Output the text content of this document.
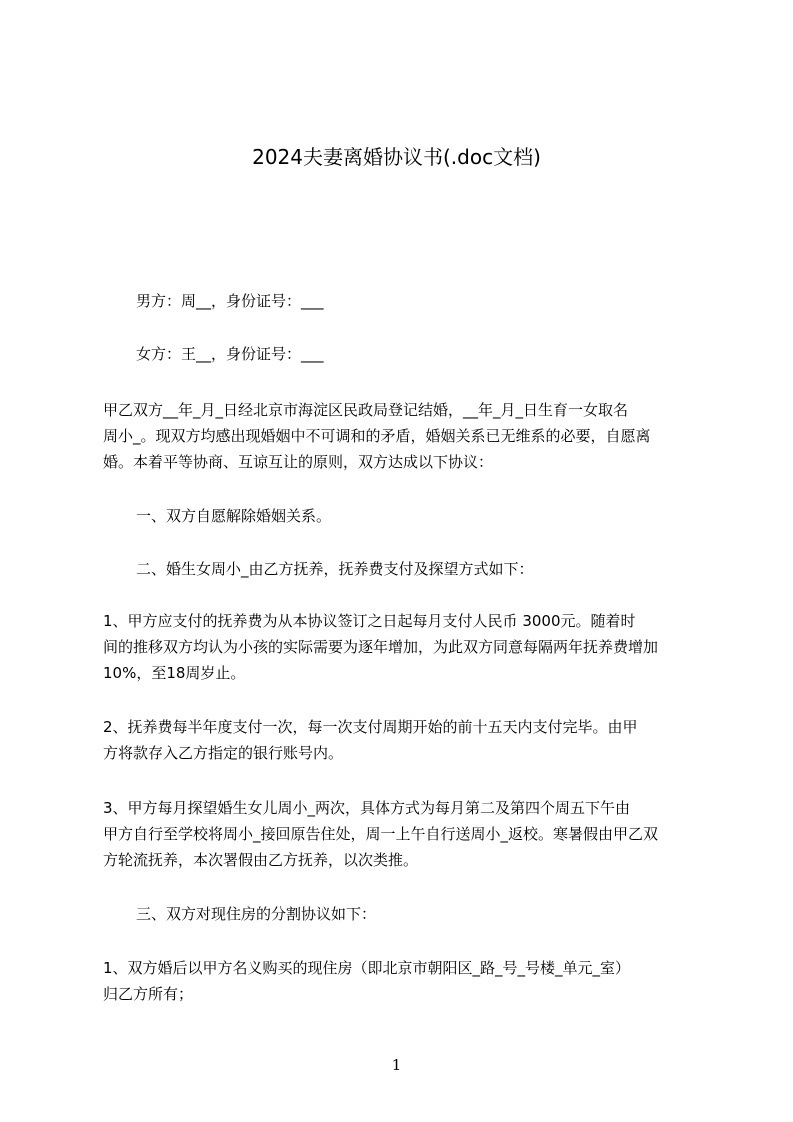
2024夫妻离婚协议书(.doc文档)

男方：周__，身份证号：___

女方：王__，身份证号：___

甲乙双方__年_月_日经北京市海淀区民政局登记结婚，__年_月_日生育一女取名

周小_。现双方均感出现婚姻中不可调和的矛盾，婚姻关系已无维系的必要，自愿离

婚。本着平等协商、互谅互让的原则，双方达成以下协议：

一、双方自愿解除婚姻关系。

二、婚生女周小_由乙方抚养，抚养费支付及探望方式如下：

1、甲方应支付的抚养费为从本协议签订之日起每月支付人民币 3000元。随着时

间的推移双方均认为小孩的实际需要为逐年增加，为此双方同意每隔两年抚养费增加

10%，至18周岁止。

2、抚养费每半年度支付一次，每一次支付周期开始的前十五天内支付完毕。由甲

方将款存入乙方指定的银行账号内。

3、甲方每月探望婚生女儿周小_两次，具体方式为每月第二及第四个周五下午由

甲方自行至学校将周小_接回原告住处，周一上午自行送周小_返校。寒暑假由甲乙双

方轮流抚养，本次署假由乙方抚养，以次类推。

三、双方对现住房的分割协议如下：

1、双方婚后以甲方名义购买的现住房（即北京市朝阳区_路_号_号楼_单元_室）

归乙方所有；

1
